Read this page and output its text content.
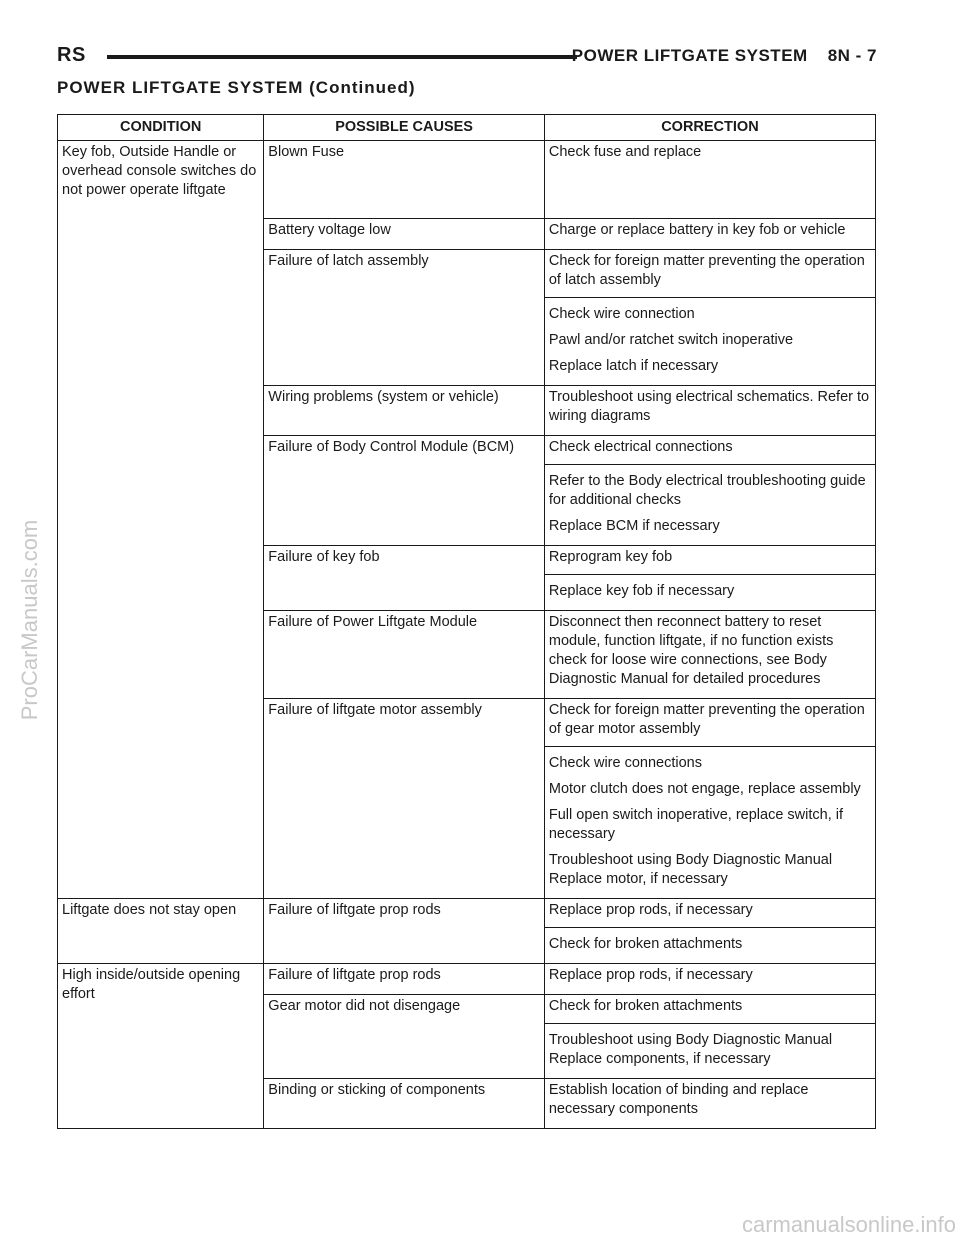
RS	POWER LIFTGATE SYSTEM 8N - 7
POWER LIFTGATE SYSTEM (Continued)
CONDITION	POSSIBLE CAUSES	CORRECTION
Key fob, Outside Handle or overhead console switches do not power operate liftgate	Blown Fuse	Check fuse and replace

	Battery voltage low	Charge or replace battery in key fob or vehicle

	Failure of latch assembly	Check for foreign matter preventing the operation of latch assembly
Check wire connection
Pawl and/or ratchet switch inoperative
Replace latch if necessary

	Wiring problems (system or vehicle)	Troubleshoot using electrical schematics. Refer to wiring diagrams

	Failure of Body Control Module (BCM)	Check electrical connections
Refer to the Body electrical troubleshooting guide for additional checks
Replace BCM if necessary

	Failure of key fob	Reprogram key fob
Replace key fob if necessary

	Failure of Power Liftgate Module	Disconnect then reconnect battery to reset module, function liftgate, if no function exists check for loose wire connections, see Body Diagnostic Manual for detailed procedures

	Failure of liftgate motor assembly	Check for foreign matter preventing the operation of gear motor assembly
Check wire connections
Motor clutch does not engage, replace assembly
Full open switch inoperative, replace switch, if necessary
Troubleshoot using Body Diagnostic Manual Replace motor, if necessary

Liftgate does not stay open	Failure of liftgate prop rods	Replace prop rods, if necessary
Check for broken attachments

High inside/outside opening effort	Failure of liftgate prop rods	Replace prop rods, if necessary

	Gear motor did not disengage	Check for broken attachments
Troubleshoot using Body Diagnostic Manual Replace components, if necessary

	Binding or sticking of components	Establish location of binding and replace necessary components
ProCarManuals.com
carmanualsonline.info
